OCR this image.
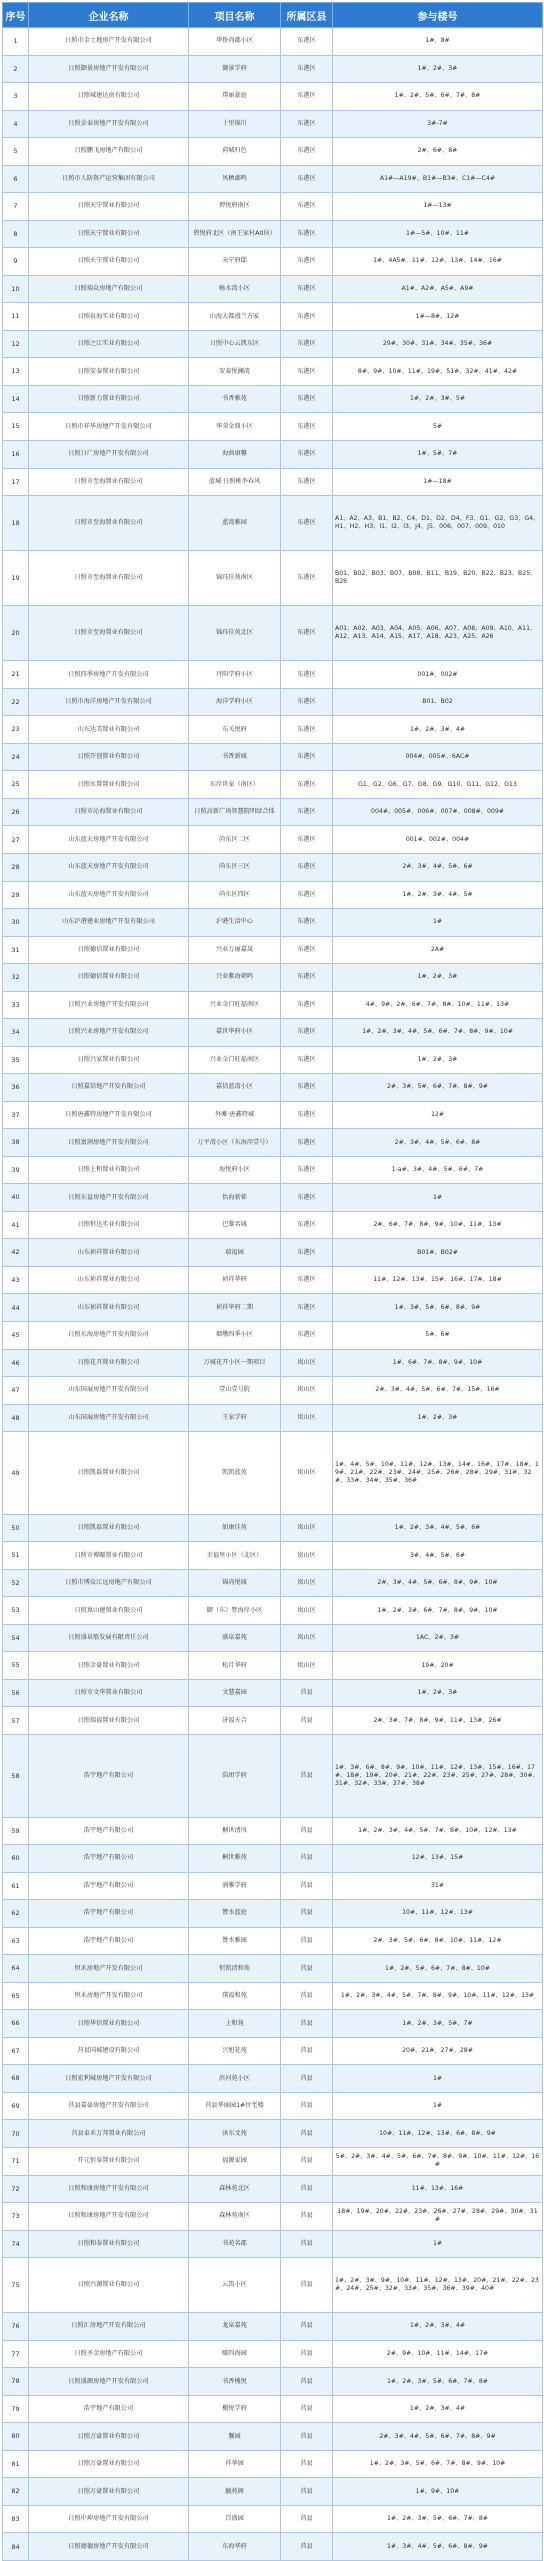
序号	企业名称	项目名称	所属区县	参与楼号
1	日照市金土地房产开发有限公司	华侨尚郡小区	东港区	1#、8#
2	日照御景房地产开发有限公司	御景学府	东港区	1#、2#、3#
3	日照城建达房有限公司	璞丽豪庭	东港区	1#、2#、5#、6#、7#、8#
4	日照金泰房地产开发有限公司	十里锦川	东港区	3#-7#
5	日照鹏飞房地产有限公司	荷城归色	东港区	2#、6#、8#
6	日照市人防资产运营集团有限公司	凤栖湖鸣	东港区	A1#—A19#、B1#—B3#、C1#—C4#
7	日照天宁置业有限公司	碧悦府南区	东港区	1#—13#
8	日照天宁置业有限公司	碧悦府北区（南王家村A0块）	东港区	1#—5#、10#、11#
9	日照天宁置业有限公司	天宁府邸	东港区	1#、4A5#、11#、12#、13#、14#、16#
10	日照瑞众房地产有限公司	畅水湾小区	东港区	A1#、A2#、A5#、A9#
11	日照泉海实业有限公司	山海大都漫兰方家	东港区	1#—8#、12#
12	日照之江实业有限公司	日照中心云凯东区	东港区	29#、30#、31#、34#、35#、36#
13	日照安泰置业有限公司	安泰悦澜湾	东港区	8#、9#、10#、11#、19#、51#、32#、41#、42#
14	日照新力置业有限公司	书香雅苑	东港区	1#、2#、3#、5#
15	日照市祥华房地产开发有限公司	华荣金鼎小区	东港区	5#
16	日照日广房地产开发有限公司	海曲康馨	东港区	1#、5#、7#
17	日照市至海置业有限公司	蓝城·日照桃李春风	东港区	1#—18#
18	日照市至海置业有限公司	蓝湾雅园	东港区	A1、A2、A3、B1、B2、C4、D1、D2、D4、F3、G1、G2、G3、G4、H1、H2、H3、I1、I2、I3、J4、J5、006、007、009、010
19	日照市至海置业有限公司	锦珏佳苑南区	东港区	B01、B02、B03、B07、B08、B11、B19、B20、B22、B23、B25、B26
20	日照市至海置业有限公司	锦珏佳苑北区	东港区	A01、A02、A03、A04、A05、A06、A07、A08、A09、A10、A11、A12、A13、A14、A15、A17、A18、A23、A25、A26
21	日照四季房地产开发有限公司	丹阳学府小区	东港区	001#、002#
22	日照市海洋房地产开发有限公司	海洋学府小区	东港区	B01、B02
23	山东达美置业有限公司	东关悦府	东港区	1#、2#、3#、4#
24	日照开创置业有限公司	书香新城	东港区	004#、005#、6AC#
25	日照水置置业有限公司	东岸世家（南区）	东港区	G1、G2、G6、G7、G8、G9、G10、G11、G12、G13
26	日照市沁海置业有限公司	日照高新广场智慧院明绿合体	东港区	004#、005#、006#、007#、008#、009#
27	山东蓝天房地产开发有限公司	尚东区二区	东港区	001#、002#、004#
28	山东蓝天房地产开发有限公司	尚东区三区	东港区	2#、3#、4#、5#、6#
29	山东蓝天房地产开发有限公司	尚东区四区	东港区	1#、2#、3#、4#、5#
30	山东沪港建业房地产开发有限公司	沪港生活中心	东港区	1#
31	日照德信置业有限公司	兴业万丽嘉晟	东港区	2A#
32	日照德信置业有限公司	兴业紫海朝鸣	东港区	1#、2#、3#
33	日照兴业房地产开发有限公司	兴业金门旺福南区	东港区	4#、9#、2#、6#、7#、8#、10#、11#、13#
34	日照兴业房地产开发有限公司	嘉世华府小区	东港区	1#、2#、3#、4#、5#、6#、7#、8#、9#、10#
35	日照兴家置业有限公司	兴业金门旺福南区	东港区	1#、2#、3#
36	日照嘉信地产开发有限公司	嘉信蓝湾小区	东港区	2#、3#、5#、6#、7#、8#、9#
37	日照唐鑫特房地产开发有限公司	外滩·唐鑫特城	东港区	12#
38	日照富润房地产开发有限公司	万平湾小区（东海岸壹号）	东港区	2#、3#、4#、5#、6#、8#
39	日照上和置业有限公司	海悦府小区	东港区	1-a#、3#、4#、5#、6#、7#
40	日照东益房地产开发有限公司	怡海新邨	东港区	1#
41	日照恒达实业有限公司	巴黎名城	东港区	2#、6#、7#、8#、9#、10#、11#、13#
42	山东祯祥置业有限公司	瑞福园	东港区	B01#、B02#
43	山东祯祥置业有限公司	祯祥华府	东港区	11#、12#、13#、15#、16#、17#、18#
44	山东祯祥置业有限公司	祯祥华府二期	东港区	1#、3#、5#、6#、8#、9#
45	日照东海房地产开发有限公司	烟墩四季小区	东港区	5#、6#
46	日照花开置业有限公司	万城花开小区一期项目	岚山区	1#、6#、7#、8#、9#、10#
47	山东国展房地产开发有限公司	壹山壹号院	岚山区	2#、3#、4#、5#、6#、7#、15#、16#
48	山东国展房地产开发有限公司	王家学府	岚山区	1#、2#、3#
49	日照凯磊置业有限公司	凯凯蓝苑	岚山区	1#、4#、5#、10#、11#、12#、13#、14#、16#、17#、18#、19#、21#、22#、23#、24#、25#、26#、28#、29#、31#、32#、33#、34#、35#、36#
50	日照凯磊置业有限公司	如康佳苑	岚山区	1#、2#、3#、4#、5#、6#
51	日照市博颐置业有限公司	幸福里小区（北区）	岚山区	3#、4#、5#、6#
52	日照市博众江远房地产有限公司	锦尚悦城	岚山区	2#、3#、4#、5#、6#、8#、9#、10#
53	日照岚山建置业有限公司	御（东）墅海岸小区	岚山区	1#、2#、3#、6#、7#、8#、9#、10#
54	日照盛泉筋发展有限责任公司	盛泉嘉苑	岚山区	1AC、2#、3#
55	日照金豪置业有限公司	松月华府	岚山区	19#、20#
56	日照市文华置业有限公司	文慧嘉园	莒县	1#、2#、3#
57	日照瑞福置业有限公司	济福天合	莒县	2#、3#、7#、8#、9#、11#、13#、26#
58	浩宇地产有限公司	浩团学府	莒县	1#、3#、6#、8#、9#、10#、11#、12#、13#、15#、16#、17#、18#、19#、20#、21#、22#、23#、25#、27#、28#、30#、31#、32#、33#、37#、38#
59	浩宇地产有限公司	桐世清风	莒县	1#、2#、3#、4#、5#、7#、8#、10#、12#、13#
60	浩宇地产有限公司	桐世雅苑	莒县	12#、13#、15#
61	浩宇地产有限公司	润雅学府	莒县	31#
62	浩宇地产有限公司	赞水蓝庭	莒县	10#、11#、12#、13#
63	浩宇地产有限公司	赞水雅园	莒县	2#、3#、5#、6#、8#、10#、11#、12#
64	恒禾房地产开发有限公司	恒凯清和苑	莒县	1#、2#、5#、6#、7#、8#、10#
65	恒禾房地产开发有限公司	璞福和苑	莒县	1#、2#、3#、4#、5#、7#、8#、9#、10#、11#、12#、13#
66	日照华信置业有限公司	上和苑	莒县	1#、2#、3#、5#、7#
67	莒县国城建设有限公司	兴旭花苑	莒县	20#、21#、27#、28#
68	日照宏利城房地产开发有限公司	滨河苑小区	莒县	1#
69	莒县嘉豪房地产开发有限公司	莒县华丽园1#住宅楼	莒县	1#
70	莒县泰禾万邦置业有限公司	沭东文苑	莒县	10#、11#、12#、13#、6#、8#、9#
71	开元恒泰置业有限公司	福源家园	莒县	5#、2#、3#、4#、5#、6#、7#、8#、9#、10#、11#、12#、16#
72	日照和康房地产开发有限公司	森林苑北区	莒县	11#、13#、16#
73	日照和康房地产开发有限公司	森林苑南区	莒县	18#、19#、20#、22#、23#、26#、27#、28#、29#、30#、31#
74	日照和泰置业有限公司	书苑名郡	莒县	1#
75	日照兴源置业有限公司	云筑小区	莒县	1#、2#、3#、9#、10#、11#、12#、13#、20#、21#、22#、23#、24#、25#、32#、33#、35#、36#、39#、40#
76	日照汇房地产开发有限公司	龙泉嘉苑	莒县	1#、2#、3#、4#
77	日照圣金房地产有限公司	嘘四海园	莒县	2#、9#、10#、11#、14#、17#
78	日照盛源房地产开发有限公司	书香槐悦	莒县	1#、2#、3#、5#、6#、7#、8#
79	浩宇地产有限公司	棚悦学府	莒县	1#、2#、3#、4#
80	日照万豪置业有限公司	馨园	莒县	2#、3#、4#、5#、6#、7#、8#、9#
81	日照万豪置业有限公司	祥华园	莒县	1#、2#、3#、5#、6#、7#、8#、9#、10#
82	日照万豪置业有限公司	毓苑阁	莒县	1#、9#、10#
83	日照中坤房地产开发有限公司	百盛园	莒县	1#、2#、3#、5#、6#、7#、8#
84	日照德德房地产开发有限公司	东海华府	莒县	1#、3#、4#、5#、6#、8#、9#
